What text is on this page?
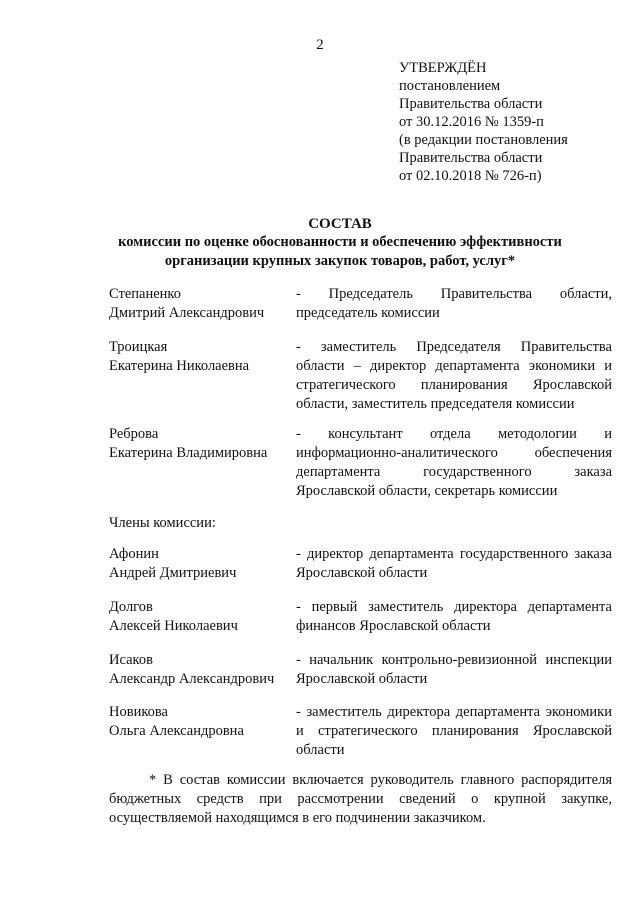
2
УТВЕРЖДЁН
постановлением
Правительства области
от 30.12.2016 № 1359-п
(в редакции постановления
Правительства области
от 02.10.2018 № 726-п)
СОСТАВ
комиссии по оценке обоснованности и обеспечению эффективности
организации крупных закупок товаров, работ, услуг*
Степаненко
Дмитрий Александрович
- Председатель Правительства области, председатель комиссии
Троицкая
Екатерина Николаевна
- заместитель Председателя Правительства области – директор департамента экономики и стратегического планирования Ярославской области, заместитель председателя комиссии
Реброва
Екатерина Владимировна
- консультант отдела методологии и информационно-аналитического обеспечения департамента государственного заказа Ярославской области, секретарь комиссии
Члены комиссии:
Афонин
Андрей Дмитриевич
- директор департамента государственного заказа Ярославской области
Долгов
Алексей Николаевич
- первый заместитель директора департамента финансов Ярославской области
Исаков
Александр Александрович
- начальник контрольно-ревизионной инспекции Ярославской области
Новикова
Ольга Александровна
- заместитель директора департамента экономики и стратегического планирования Ярославской области
* В состав комиссии включается руководитель главного распорядителя бюджетных средств при рассмотрении сведений о крупной закупке, осуществляемой находящимся в его подчинении заказчиком.
